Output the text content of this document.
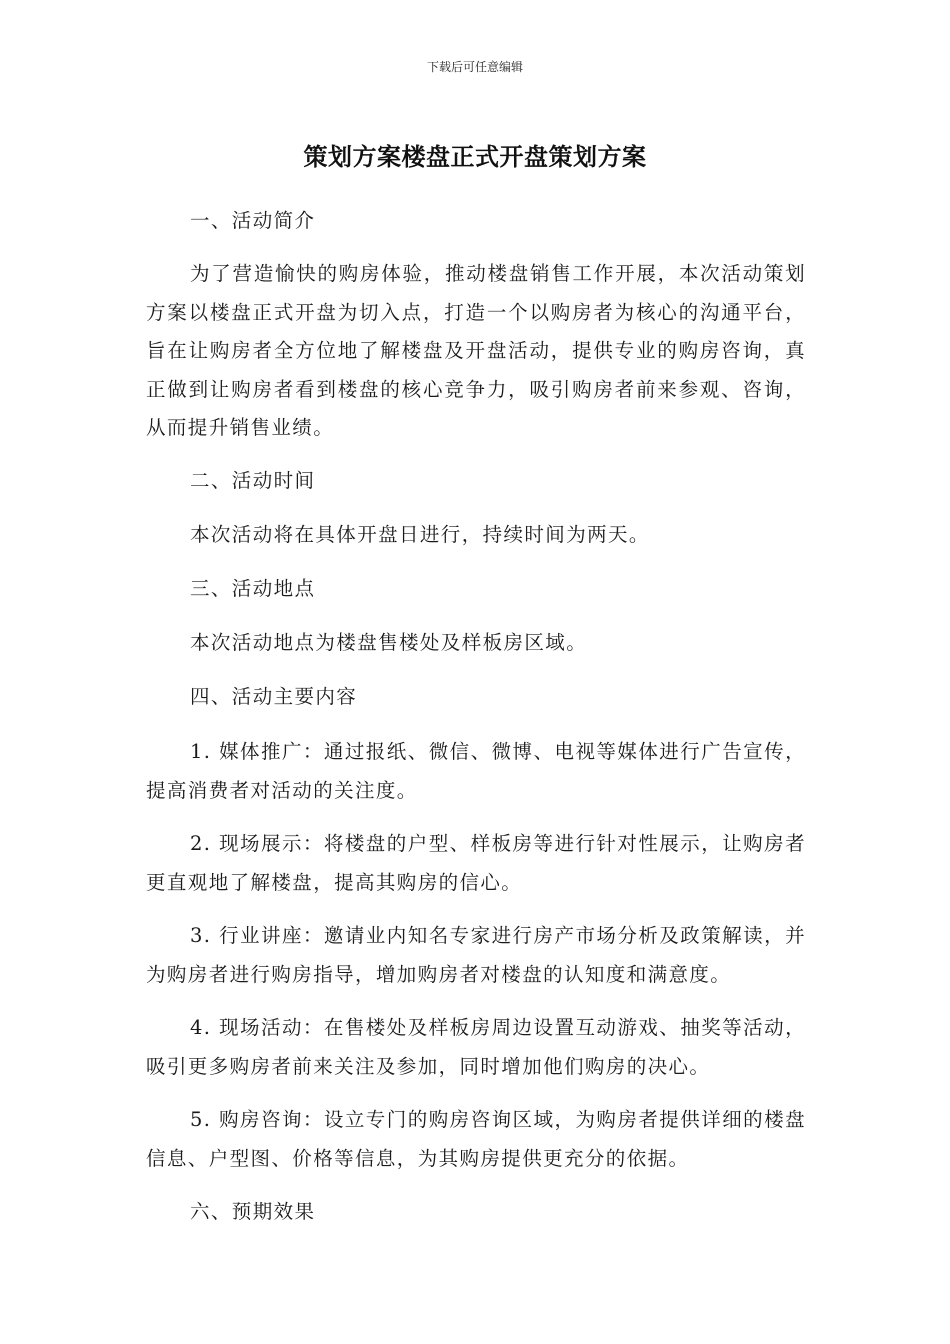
下载后可任意编辑
策划方案楼盘正式开盘策划方案

一、活动简介

为了营造愉快的购房体验，推动楼盘销售工作开展，本次活动策划方案以楼盘正式开盘为切入点，打造一个以购房者为核心的沟通平台，旨在让购房者全方位地了解楼盘及开盘活动，提供专业的购房咨询，真正做到让购房者看到楼盘的核心竞争力，吸引购房者前来参观、咨询，从而提升销售业绩。

二、活动时间

本次活动将在具体开盘日进行，持续时间为两天。

三、活动地点

本次活动地点为楼盘售楼处及样板房区域。

四、活动主要内容

1. 媒体推广：通过报纸、微信、微博、电视等媒体进行广告宣传，提高消费者对活动的关注度。

2. 现场展示：将楼盘的户型、样板房等进行针对性展示，让购房者更直观地了解楼盘，提高其购房的信心。

3. 行业讲座：邀请业内知名专家进行房产市场分析及政策解读，并为购房者进行购房指导，增加购房者对楼盘的认知度和满意度。

4. 现场活动：在售楼处及样板房周边设置互动游戏、抽奖等活动，吸引更多购房者前来关注及参加，同时增加他们购房的决心。

5. 购房咨询：设立专门的购房咨询区域，为购房者提供详细的楼盘信息、户型图、价格等信息，为其购房提供更充分的依据。

六、预期效果
